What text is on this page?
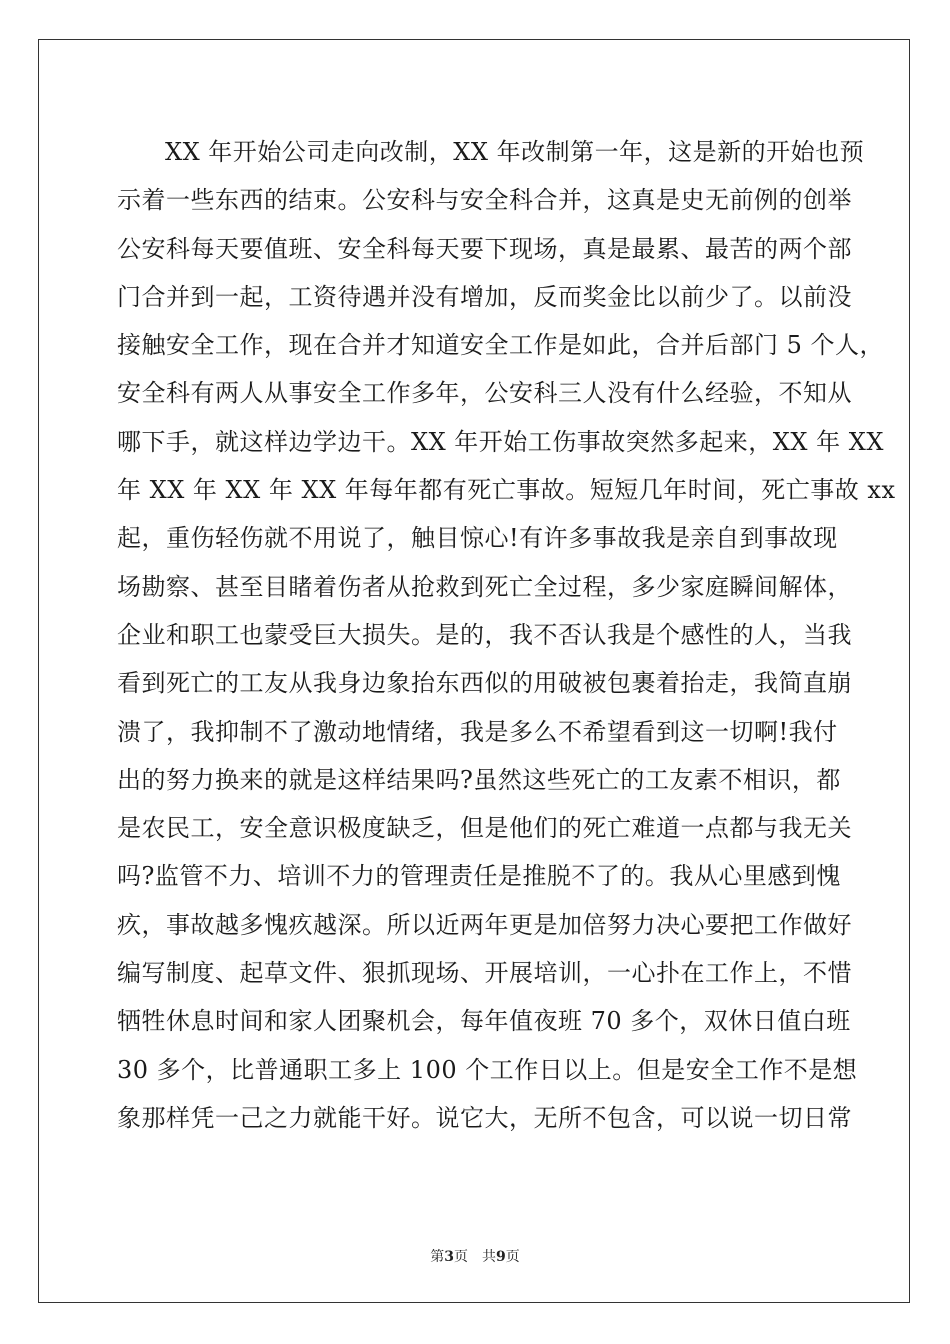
XX 年开始公司走向改制，XX 年改制第一年，这是新的开始也预
示着一些东西的结束。公安科与安全科合并，这真是史无前例的创举
公安科每天要值班、安全科每天要下现场，真是最累、最苦的两个部
门合并到一起，工资待遇并没有增加，反而奖金比以前少了。以前没
接触安全工作，现在合并才知道安全工作是如此，合并后部门 5 个人，
安全科有两人从事安全工作多年，公安科三人没有什么经验，不知从
哪下手，就这样边学边干。XX 年开始工伤事故突然多起来，XX 年 XX
年 XX 年 XX 年 XX 年每年都有死亡事故。短短几年时间，死亡事故 xx
起，重伤轻伤就不用说了，触目惊心!有许多事故我是亲自到事故现
场勘察、甚至目睹着伤者从抢救到死亡全过程，多少家庭瞬间解体，
企业和职工也蒙受巨大损失。是的，我不否认我是个感性的人，当我
看到死亡的工友从我身边象抬东西似的用破被包裹着抬走，我简直崩
溃了，我抑制不了激动地情绪，我是多么不希望看到这一切啊!我付
出的努力换来的就是这样结果吗?虽然这些死亡的工友素不相识，都
是农民工，安全意识极度缺乏，但是他们的死亡难道一点都与我无关
吗?监管不力、培训不力的管理责任是推脱不了的。我从心里感到愧
疚，事故越多愧疚越深。所以近两年更是加倍努力决心要把工作做好
编写制度、起草文件、狠抓现场、开展培训，一心扑在工作上，不惜
牺牲休息时间和家人团聚机会，每年值夜班 70 多个，双休日值白班
30 多个，比普通职工多上 100 个工作日以上。但是安全工作不是想
象那样凭一己之力就能干好。说它大，无所不包含，可以说一切日常
第3页 共9页
